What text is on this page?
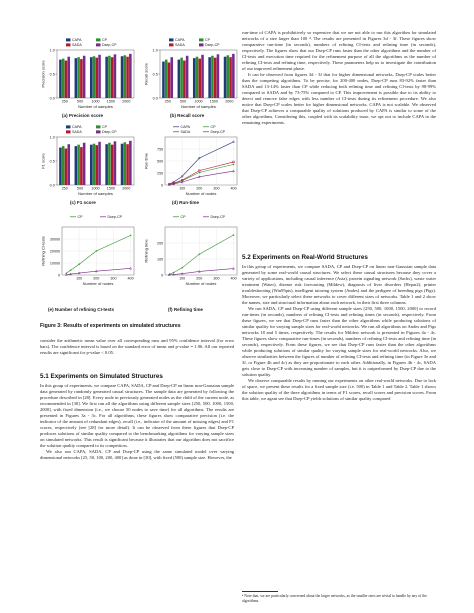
CAPA	CP
SADA	Dsep-CP
0.0
0.5
1.0
250 500 1000 1500 2000
Number of samples
Precision score
(a) Precision score
CAPA	CP
SADA	Dsep-CP
0.0
0.5
1.0
250 500 1000 1500 2000
Number of samples
Recall score
(b) Recall score
CAPA	CP
SADA	Dsep-CP
0.0
0.5
1.0
250 500 1000 1500 2000
Number of samples
F1 score
(c) F1 score
CAPA	CP
SADA	Dsep-CP
0
250
500
750
100	200	300	400
Number of nodes
Run time
(d) Run-time
CP	Dsep-CP
0
10000
20000
30000
100	200	300	400
Number of nodes
Refining CI-tests
(e) Number of refining CI-tests
CP	Dsep-CP
0
100
200
100	200	300	400
Number of nodes
Refining time
(f) Refining time
Figure 3: Results of experiments on simulated structures

consider the arithmetic mean value over all corresponding runs and 95% confidence interval (for error bars). The confidence interval is based on the standard error of mean and p-value = 1.96. All our reported results are significant for p-value < 0.05.

5.1 Experiments on Simulated Structures

In this group of experiments, we compare CAPA, SADA, CP and Dsep-CP on linear non-Gaussian sample data generated by randomly generated causal structures. The sample data are generated by following the procedure described in [28]. Every node in previously generated nodes as the child of the current node, as recommended in [30]. We first run all the algorithms using different sample sizes [250, 500, 1000, 1500, 2000], with fixed dimension (i.e., we choose 50 nodes to save time) for all algorithms. The results are presented in Figures 3a - 3c. For all algorithms, these figures show comparative precision (i.e. the indicator of the amount of redundant edges), recall (i.e., indicator of the amount of missing edges) and F1 scores, respectively (see [28] for more detail). It can be observed from these figures that Dsep-CP produces solutions of similar quality compared to the benchmarking algorithms for varying sample sizes on simulated networks. This result is significant because it illustrates that our algorithm does not sacrifice the solution quality compared to its competitors.

We also run CAPA, SADA, CP and Dsep-CP using the same simulated model over varying dimensional networks [25, 50, 100, 200, 400] as done in [30], with fixed (500) sample size. However, the

run-time of CAPA is prohibitively so expensive that we are not able to run this algorithm for simulated networks of a size larger than 100 ⁴. The results are presented in Figures 3d - 3f. These figures show comparative run-time (in seconds), numbers of refining CI-tests and refining time (in seconds), respectively. The figures show that our Dsep-CP runs faster than the other algorithms and the number of CI-tests and execution time required for the refinement purpose of all the algorithms as the number of refining CI-tests and refining time, respectively. These parameters help us to investigate the contribution of our improved refinement phase.

It can be observed from figures 3d - 3f that for higher dimensional networks, Dsep-CP scales better than the competing algorithms. To be precise, for 200-400 nodes, Dsep-CP runs 83-92% faster than SADA and 13-14% faster than CP while reducing both refining time and refining CI-tests by 98-99% compared to SADA and by 73-75% compared to CP. This improvement is possible due to its ability to detect and remove false edges with less number of CI-tests during its refinement procedure. We also notice that Dsep-CP scales better for higher dimensional networks. CAPA is not scalable. We observed that Dsep-CP achieves a comparable quality of solutions produced by CAPA is similar to some of the other algorithms. Considering this, coupled with its scalability issue, we opt not to include CAPA in the remaining experiments.

5.2 Experiments on Real-World Structures

In this group of experiments, we compare SADA, CP and Dsep-CP on linear non-Gaussian sample data generated by some real-world causal structures. We select these causal structures because they cover a variety of applications, including causal inference (Asia), protein signaling network (Sachs), waste water treatment (Water), disease risk forecasting (Mildew), diagnosis of liver disorders (Hepar2), printer troubleshooting (Win95pts), intelligent tutoring system (Andes) and the pedigree of breeding pigs (Pigs). Moreover, we particularly select these networks to cover different sizes of networks. Table 1 and 2 show the names, size and structural information about each network, in their first three columns.

We run SADA, CP and Dsep-CP using different sample sizes [250, 500, 1000, 1500, 2000] to record run-times (in seconds), numbers of refining CI-tests and refining times (in seconds), respectively. From these figures, we see that Dsep-CP runs faster than the other algorithms while producing solutions of similar quality for varying sample sizes for real-world networks. We run all algorithms on Andes and Pigs networks 18 and 5 times, respectively. The results for Mildew network is presented in Figures 4a - 4c. These figures show comparative run-times (in seconds), numbers of refining CI-tests and refining time (in seconds), respectively. From these figures, we see that Dsep-CP runs faster than the other algorithms while producing solutions of similar quality for varying sample sizes for real-world networks. Also, we observe similarities between the figures of number of refining CI-tests and refining time (in Figure 3e and 3f, or Figure 4b and 4c) as they are proportionate to each other. Additionally, in Figures 4b - 4c, SADA gets close to Dsep-CP with increasing number of samples, but it is outperformed by Dsep-CP due to the solution quality.

We observe comparable results by running our experiments on other real-world networks. Due to lack of space, we present these results for a fixed sample size (i.e. 500) in Table 1 and Table 2. Table 1 shows the solution quality of the three algorithms in terms of F1 scores, recall scores and precision scores. From this table, we again see that Dsep-CP yields solutions of similar quality compared

⁴ Note that, we are particularly concerned about the larger networks, as the smaller ones are trivial to handle by any of the algorithms.
